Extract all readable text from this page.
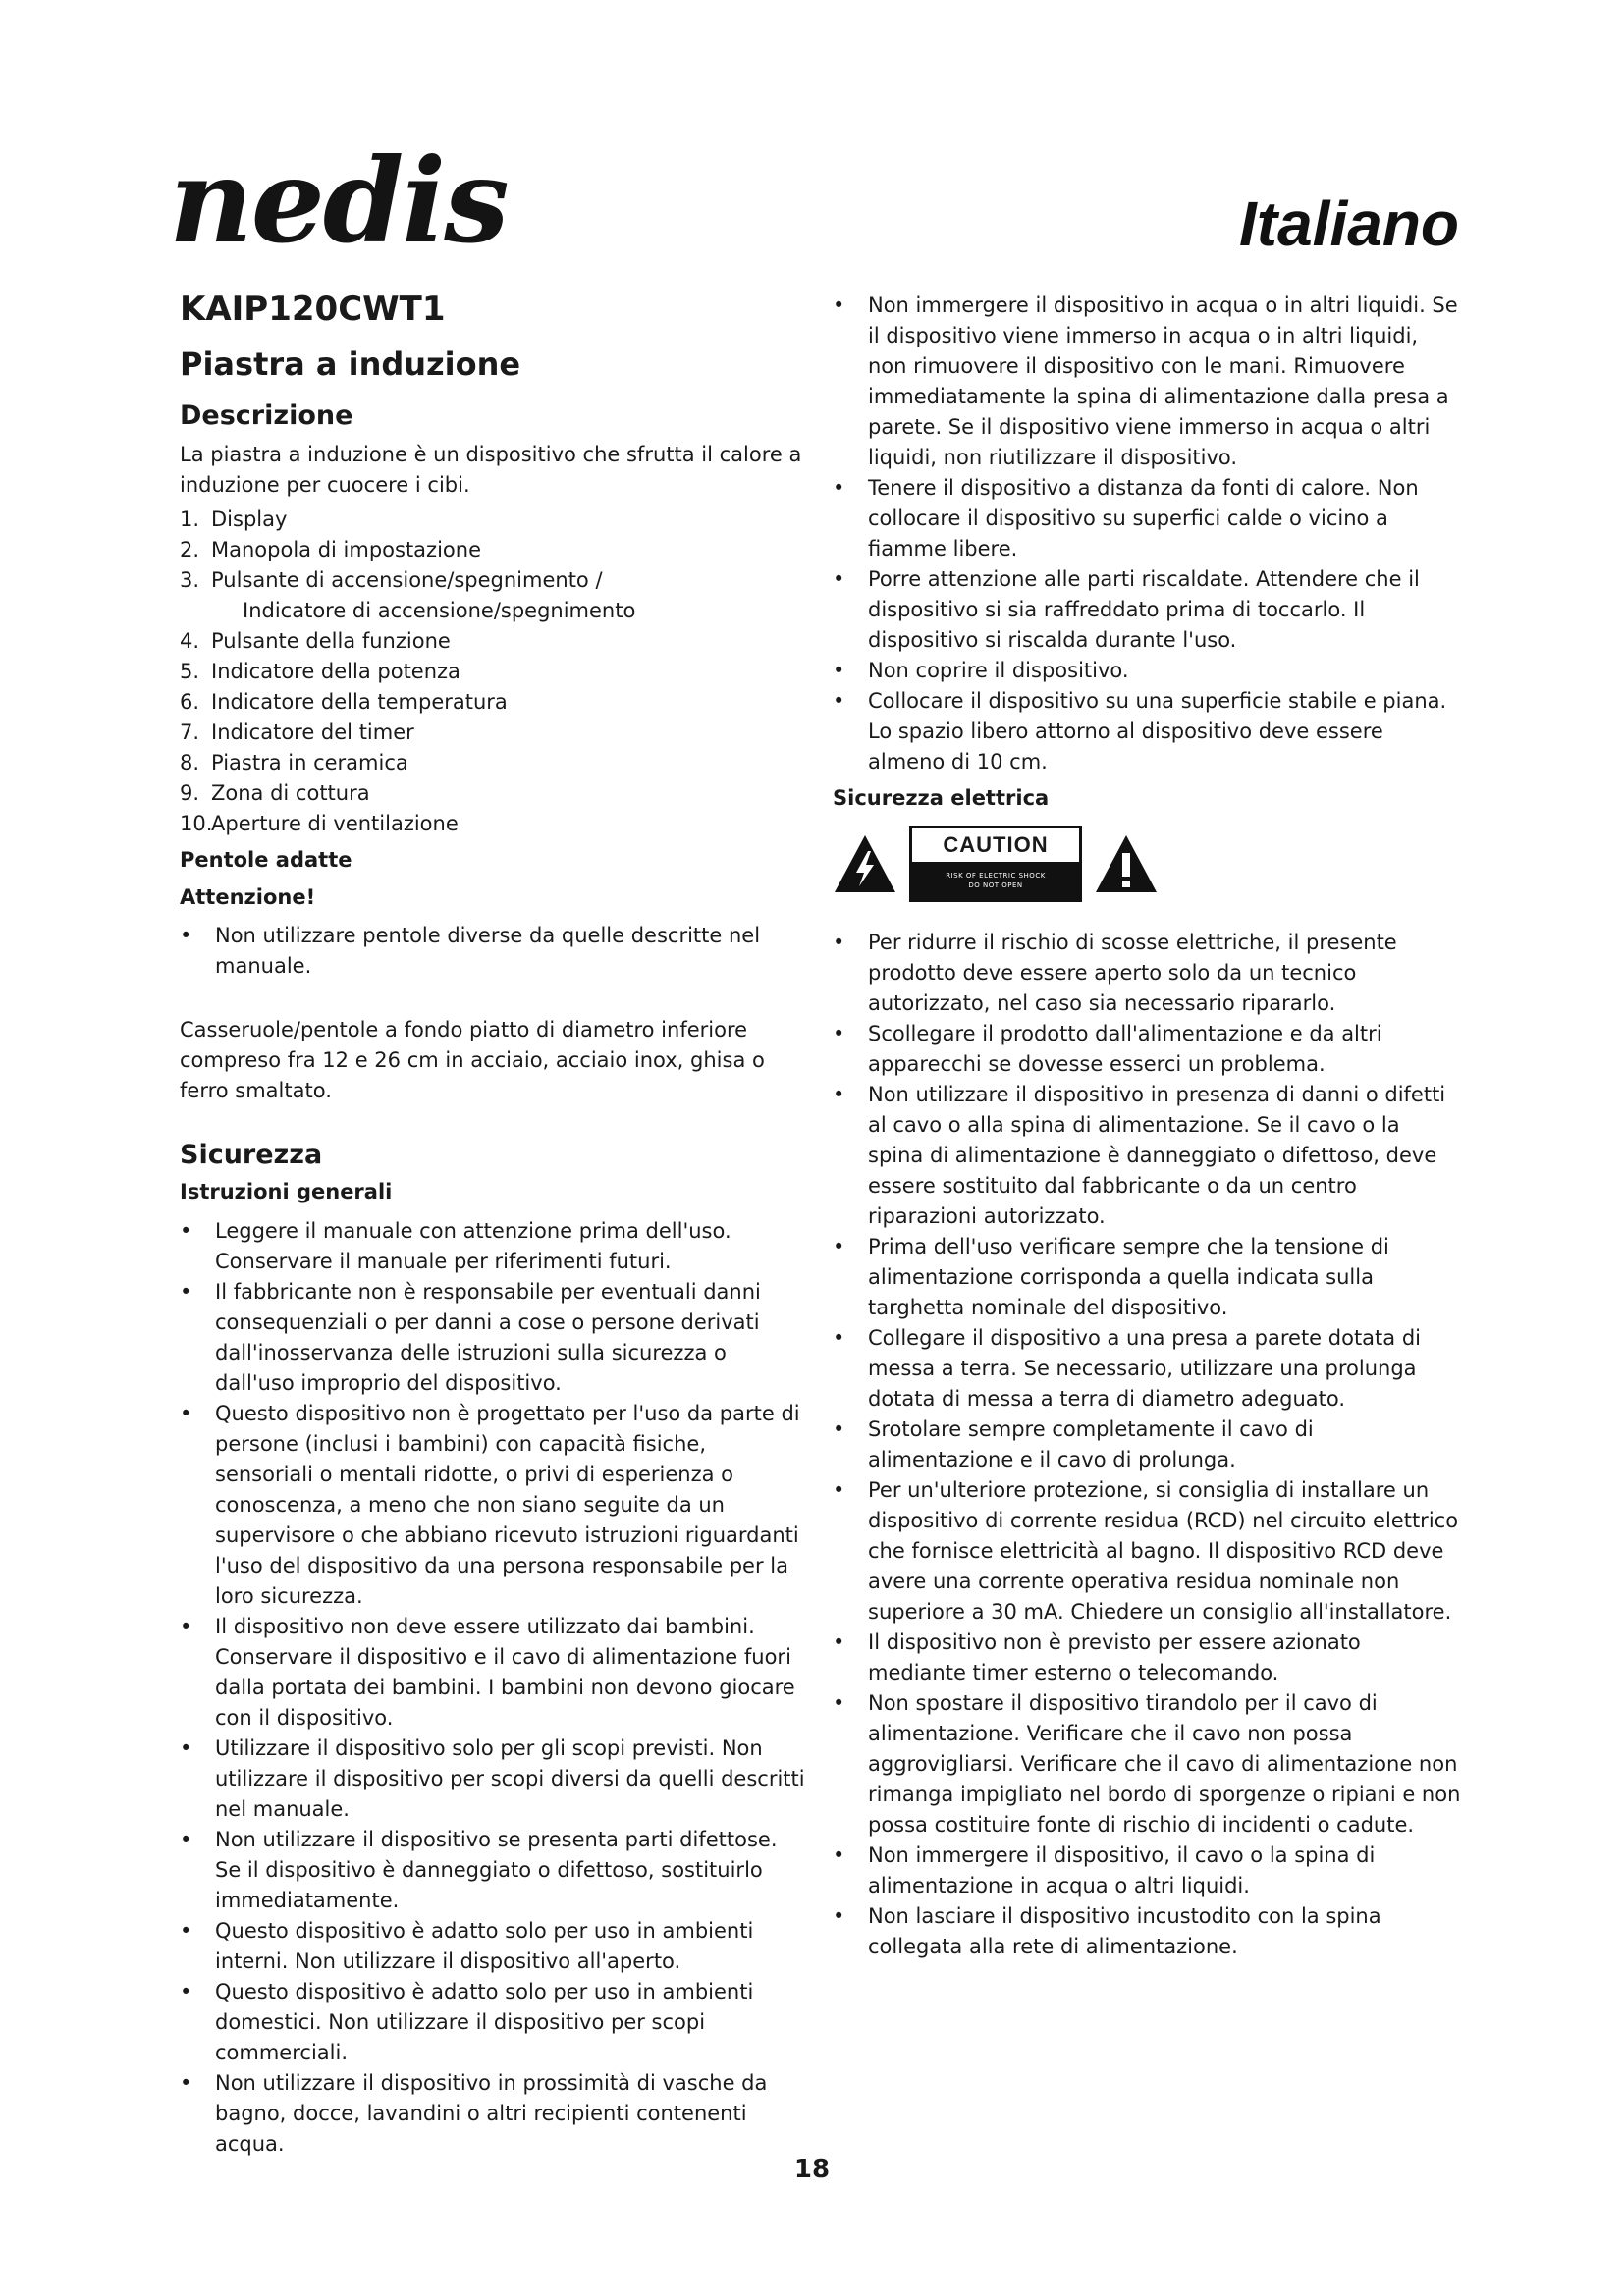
nedis	Italiano
KAIP120CWT1
Piastra a induzione
Descrizione

La piastra a induzione è un dispositivo che sfrutta il calore a induzione per cuocere i cibi.

1. Display
2. Manopola di impostazione
3. Pulsante di accensione/spegnimento /
Indicatore di accensione/spegnimento
4. Pulsante della funzione
5. Indicatore della potenza
6. Indicatore della temperatura
7. Indicatore del timer
8. Piastra in ceramica
9. Zona di cottura
10.
Aperture di ventilazione
Pentole adatte
Attenzione!
•
Non utilizzare pentole diverse da quelle descritte nel manuale.

Casseruole/pentole a fondo piatto di diametro inferiore compreso fra 12 e 26 cm in acciaio, acciaio inox, ghisa o ferro smaltato.

Sicurezza
Istruzioni generali
•
Leggere il manuale con attenzione prima dell'uso. Conservare il manuale per riferimenti futuri.
•
Il fabbricante non è responsabile per eventuali danni consequenziali o per danni a cose o persone derivati dall'inosservanza delle istruzioni sulla sicurezza o dall'uso improprio del dispositivo.
•
Questo dispositivo non è progettato per l'uso da parte di persone (inclusi i bambini) con capacità fisiche, sensoriali o mentali ridotte, o privi di esperienza o conoscenza, a meno che non siano seguite da un supervisore o che abbiano ricevuto istruzioni riguardanti l'uso del dispositivo da una persona responsabile per la loro sicurezza.
•
Il dispositivo non deve essere utilizzato dai bambini. Conservare il dispositivo e il cavo di alimentazione fuori dalla portata dei bambini. I bambini non devono giocare con il dispositivo.
•
Utilizzare il dispositivo solo per gli scopi previsti. Non utilizzare il dispositivo per scopi diversi da quelli descritti nel manuale.
•
Non utilizzare il dispositivo se presenta parti difettose. Se il dispositivo è danneggiato o difettoso, sostituirlo immediatamente.
•
Questo dispositivo è adatto solo per uso in ambienti interni. Non utilizzare il dispositivo all'aperto.
•
Questo dispositivo è adatto solo per uso in ambienti domestici. Non utilizzare il dispositivo per scopi commerciali.
•
Non utilizzare il dispositivo in prossimità di vasche da bagno, docce, lavandini o altri recipienti contenenti acqua.
•
Non immergere il dispositivo in acqua o in altri liquidi. Se il dispositivo viene immerso in acqua o in altri liquidi, non rimuovere il dispositivo con le mani. Rimuovere immediatamente la spina di alimentazione dalla presa a parete. Se il dispositivo viene immerso in acqua o altri liquidi, non riutilizzare il dispositivo.
•
Tenere il dispositivo a distanza da fonti di calore. Non collocare il dispositivo su superfici calde o vicino a fiamme libere.
•
Porre attenzione alle parti riscaldate. Attendere che il dispositivo si sia raffreddato prima di toccarlo. Il dispositivo si riscalda durante l'uso.
•
Non coprire il dispositivo.
•
Collocare il dispositivo su una superficie stabile e piana. Lo spazio libero attorno al dispositivo deve essere almeno di 10 cm.
Sicurezza elettrica
CAUTION
RISK OF ELECTRIC SHOCK
DO NOT OPEN
•
Per ridurre il rischio di scosse elettriche, il presente prodotto deve essere aperto solo da un tecnico autorizzato, nel caso sia necessario ripararlo.
•
Scollegare il prodotto dall'alimentazione e da altri apparecchi se dovesse esserci un problema.
•
Non utilizzare il dispositivo in presenza di danni o difetti al cavo o alla spina di alimentazione. Se il cavo o la spina di alimentazione è danneggiato o difettoso, deve essere sostituito dal fabbricante o da un centro riparazioni autorizzato.
•
Prima dell'uso verificare sempre che la tensione di alimentazione corrisponda a quella indicata sulla targhetta nominale del dispositivo.
•
Collegare il dispositivo a una presa a parete dotata di messa a terra. Se necessario, utilizzare una prolunga dotata di messa a terra di diametro adeguato.
•
Srotolare sempre completamente il cavo di alimentazione e il cavo di prolunga.
•
Per un'ulteriore protezione, si consiglia di installare un dispositivo di corrente residua (RCD) nel circuito elettrico che fornisce elettricità al bagno. Il dispositivo RCD deve avere una corrente operativa residua nominale non superiore a 30 mA. Chiedere un consiglio all'installatore.
•
Il dispositivo non è previsto per essere azionato mediante timer esterno o telecomando.
•
Non spostare il dispositivo tirandolo per il cavo di alimentazione. Verificare che il cavo non possa aggrovigliarsi. Verificare che il cavo di alimentazione non rimanga impigliato nel bordo di sporgenze o ripiani e non possa costituire fonte di rischio di incidenti o cadute.
•
Non immergere il dispositivo, il cavo o la spina di alimentazione in acqua o altri liquidi.
•
Non lasciare il dispositivo incustodito con la spina collegata alla rete di alimentazione.
18
